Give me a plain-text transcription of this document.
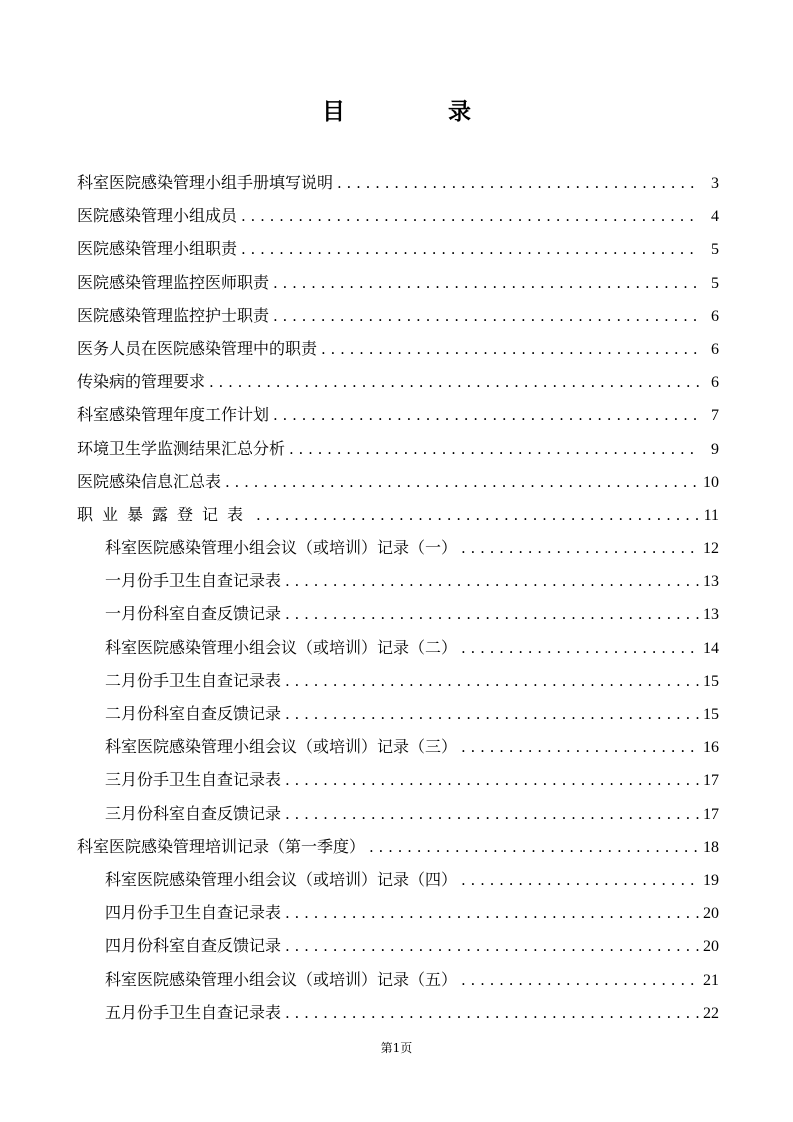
目　录
科室医院感染管理小组手册填写说明 . . .	3
医院感染管理小组成员 . . .	4
医院感染管理小组职责 . . .	5
医院感染管理监控医师职责 . . .	5
医院感染管理监控护士职责 . . .	6
医务人员在医院感染管理中的职责 . . .	6
传染病的管理要求 . . .	6
科室感染管理年度工作计划 . . .	7
环境卫生学监测结果汇总分析 . . .	9
医院感染信息汇总表 . . .	10
职业暴露登记表 . . .	11
科室医院感染管理小组会议（或培训）记录（一） . . .	12
一月份手卫生自查记录表 . . .	13
一月份科室自查反馈记录 . . .	13
科室医院感染管理小组会议（或培训）记录（二） . . .	14
二月份手卫生自查记录表 . . .	15
二月份科室自查反馈记录 . . .	15
科室医院感染管理小组会议（或培训）记录（三） . . .	16
三月份手卫生自查记录表 . . .	17
三月份科室自查反馈记录 . . .	17
科室医院感染管理培训记录（第一季度） . . .	18
科室医院感染管理小组会议（或培训）记录（四） . . .	19
四月份手卫生自查记录表 . . .	20
四月份科室自查反馈记录 . . .	20
科室医院感染管理小组会议（或培训）记录（五） . . .	21
五月份手卫生自查记录表 . . .	22
第1页
